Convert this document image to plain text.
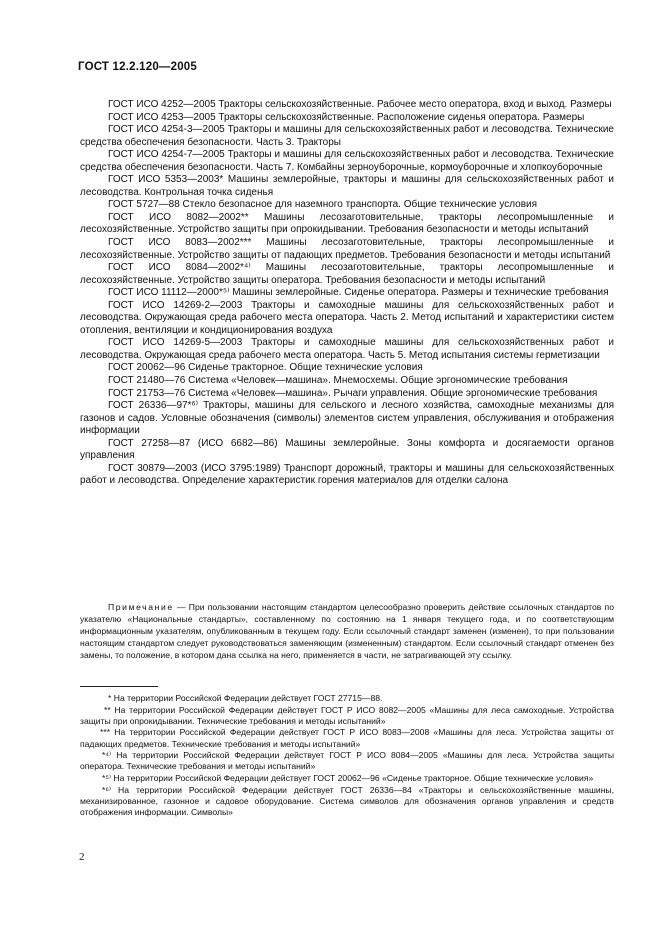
ГОСТ 12.2.120—2005

ГОСТ ИСО 4252—2005 Тракторы сельскохозяйственные. Рабочее место оператора, вход и выход. Размеры

ГОСТ ИСО 4253—2005 Тракторы сельскохозяйственные. Расположение сиденья оператора. Размеры

ГОСТ ИСО 4254-3—2005 Тракторы и машины для сельскохозяйственных работ и лесоводства. Технические средства обеспечения безопасности. Часть 3. Тракторы

ГОСТ ИСО 4254-7—2005 Тракторы и машины для сельскохозяйственных работ и лесоводства. Технические средства обеспечения безопасности. Часть 7. Комбайны зерноуборочные, кормоуборочные и хлопкоуборочные

ГОСТ ИСО 5353—2003* Машины землеройные, тракторы и машины для сельскохозяйственных работ и лесоводства. Контрольная точка сиденья

ГОСТ 5727—88 Стекло безопасное для наземного транспорта. Общие технические условия

ГОСТ ИСО 8082—2002** Машины лесозаготовительные, тракторы лесопромышленные и лесохозяйственные. Устройство защиты при опрокидывании. Требования безопасности и методы испытаний

ГОСТ ИСО 8083—2002*** Машины лесозаготовительные, тракторы лесопромышленные и лесохозяйственные. Устройство защиты от падающих предметов. Требования безопасности и методы испытаний

ГОСТ ИСО 8084—2002*⁴⁾ Машины лесозаготовительные, тракторы лесопромышленные и лесохозяйственные. Устройство защиты оператора. Требования безопасности и методы испытаний

ГОСТ ИСО 11112—2000*⁵⁾ Машины землеройные. Сиденье оператора. Размеры и технические требования

ГОСТ ИСО 14269-2—2003 Тракторы и самоходные машины для сельскохозяйственных работ и лесоводства. Окружающая среда рабочего места оператора. Часть 2. Метод испытаний и характеристики систем отопления, вентиляции и кондиционирования воздуха

ГОСТ ИСО 14269-5—2003 Тракторы и самоходные машины для сельскохозяйственных работ и лесоводства. Окружающая среда рабочего места оператора. Часть 5. Метод испытания системы герметизации

ГОСТ 20062—96 Сиденье тракторное. Общие технические условия

ГОСТ 21480—76 Система «Человек—машина». Мнемосхемы. Общие эргономические требования

ГОСТ 21753—76 Система «Человек—машина». Рычаги управления. Общие эргономические требования

ГОСТ 26336—97*⁶⁾ Тракторы, машины для сельского и лесного хозяйства, самоходные механизмы для газонов и садов. Условные обозначения (символы) элементов систем управления, обслуживания и отображения информации

ГОСТ 27258—87 (ИСО 6682—86) Машины землеройные. Зоны комфорта и досягаемости органов управления

ГОСТ 30879—2003 (ИСО 3795:1989) Транспорт дорожный, тракторы и машины для сельскохозяйственных работ и лесоводства. Определение характеристик горения материалов для отделки салона

Примечание — При пользовании настоящим стандартом целесообразно проверить действие ссылочных стандартов по указателю «Национальные стандарты», составленному по состоянию на 1 января текущего года, и по соответствующим информационным указателям, опубликованным в текущем году. Если ссылочный стандарт заменен (изменен), то при пользовании настоящим стандартом следует руководствоваться заменяющим (измененным) стандартом. Если ссылочный стандарт отменен без замены, то положение, в котором дана ссылка на него, применяется в части, не затрагивающей эту ссылку.

* На территории Российской Федерации действует ГОСТ 27715—88.

** На территории Российской Федерации действует ГОСТ Р ИСО 8082—2005 «Машины для леса самоходные. Устройства защиты при опрокидывании. Технические требования и методы испытаний»

*** На территории Российской Федерации действует ГОСТ Р ИСО 8083—2008 «Машины для леса. Устройства защиты от падающих предметов. Технические требования и методы испытаний»

*⁴⁾ На территории Российской Федерации действует ГОСТ Р ИСО 8084—2005 «Машины для леса. Устройства защиты оператора. Технические требования и методы испытаний»

*⁵⁾ На территории Российской Федерации действует ГОСТ 20062—96 «Сиденье тракторное. Общие технические условия»

*⁶⁾ На территории Российской Федерации действует ГОСТ 26336—84 «Тракторы и сельскохозяйственные машины, механизированное, газонное и садовое оборудование. Система символов для обозначения органов управления и средств отображения информации. Символы»

2
